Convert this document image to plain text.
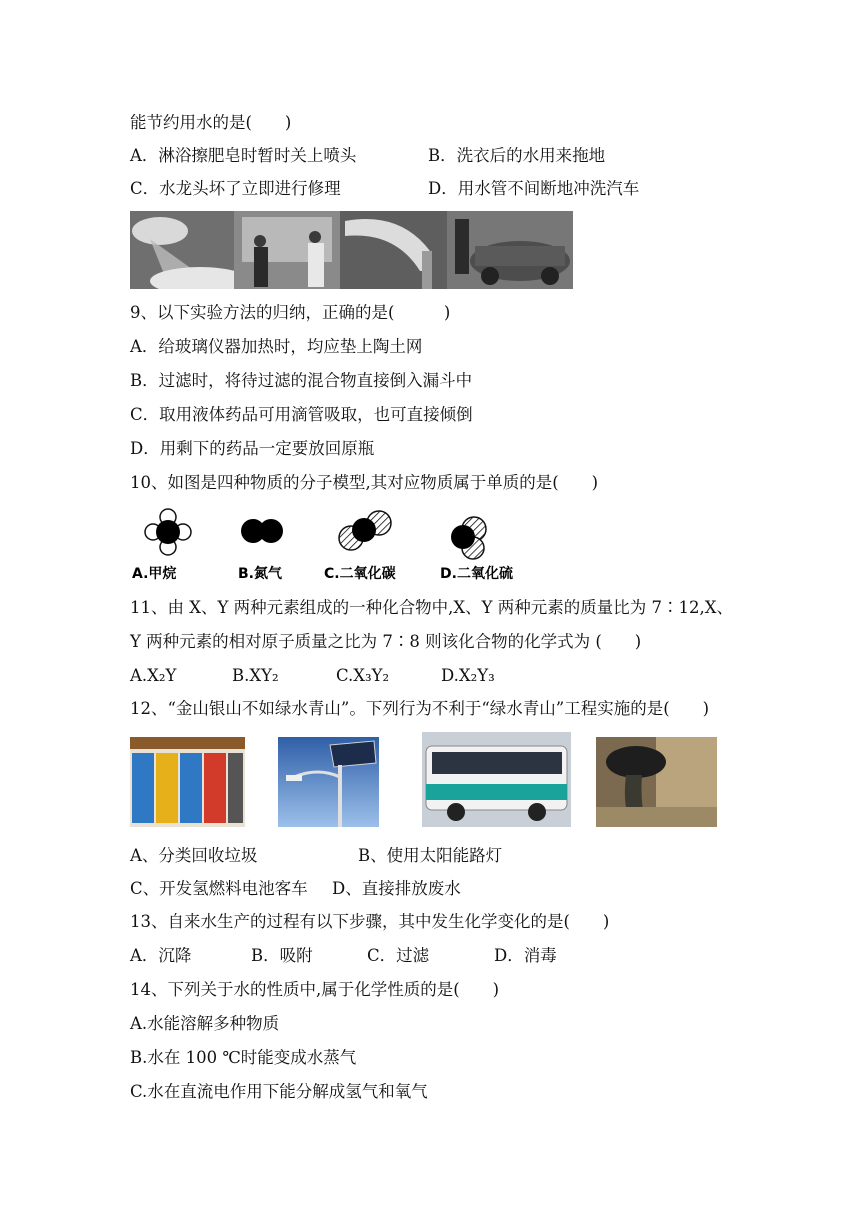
能节约用水的是(　　)
A．淋浴擦肥皂时暂时关上喷头	B．洗衣后的水用来拖地
C．水龙头坏了立即进行修理	D．用水管不间断地冲洗汽车
9、以下实验方法的归纳，正确的是(　　　)
A．给玻璃仪器加热时，均应垫上陶土网
B．过滤时，将待过滤的混合物直接倒入漏斗中
C．取用液体药品可用滴管吸取，也可直接倾倒
D．用剩下的药品一定要放回原瓶
10、如图是四种物质的分子模型,其对应物质属于单质的是(　　)
A.甲烷	B.氮气	C.二氧化碳	D.二氧化硫
11、由 X、Y 两种元素组成的一种化合物中,X、Y 两种元素的质量比为 7∶12,X、
Y 两种元素的相对原子质量之比为 7∶8 则该化合物的化学式为 (　　)
A.X₂Y	B.XY₂	C.X₃Y₂	D.X₂Y₃
12、“金山银山不如绿水青山”。下列行为不利于“绿水青山”工程实施的是(　　)
A、分类回收垃圾	B、使用太阳能路灯
C、开发氢燃料电池客车 D、直接排放废水
13、自来水生产的过程有以下步骤，其中发生化学变化的是(　　)
A．沉降	B．吸附	C．过滤	D．消毒
14、下列关于水的性质中,属于化学性质的是(　　)
A.水能溶解多种物质
B.水在 100 ℃时能变成水蒸气
C.水在直流电作用下能分解成氢气和氧气
